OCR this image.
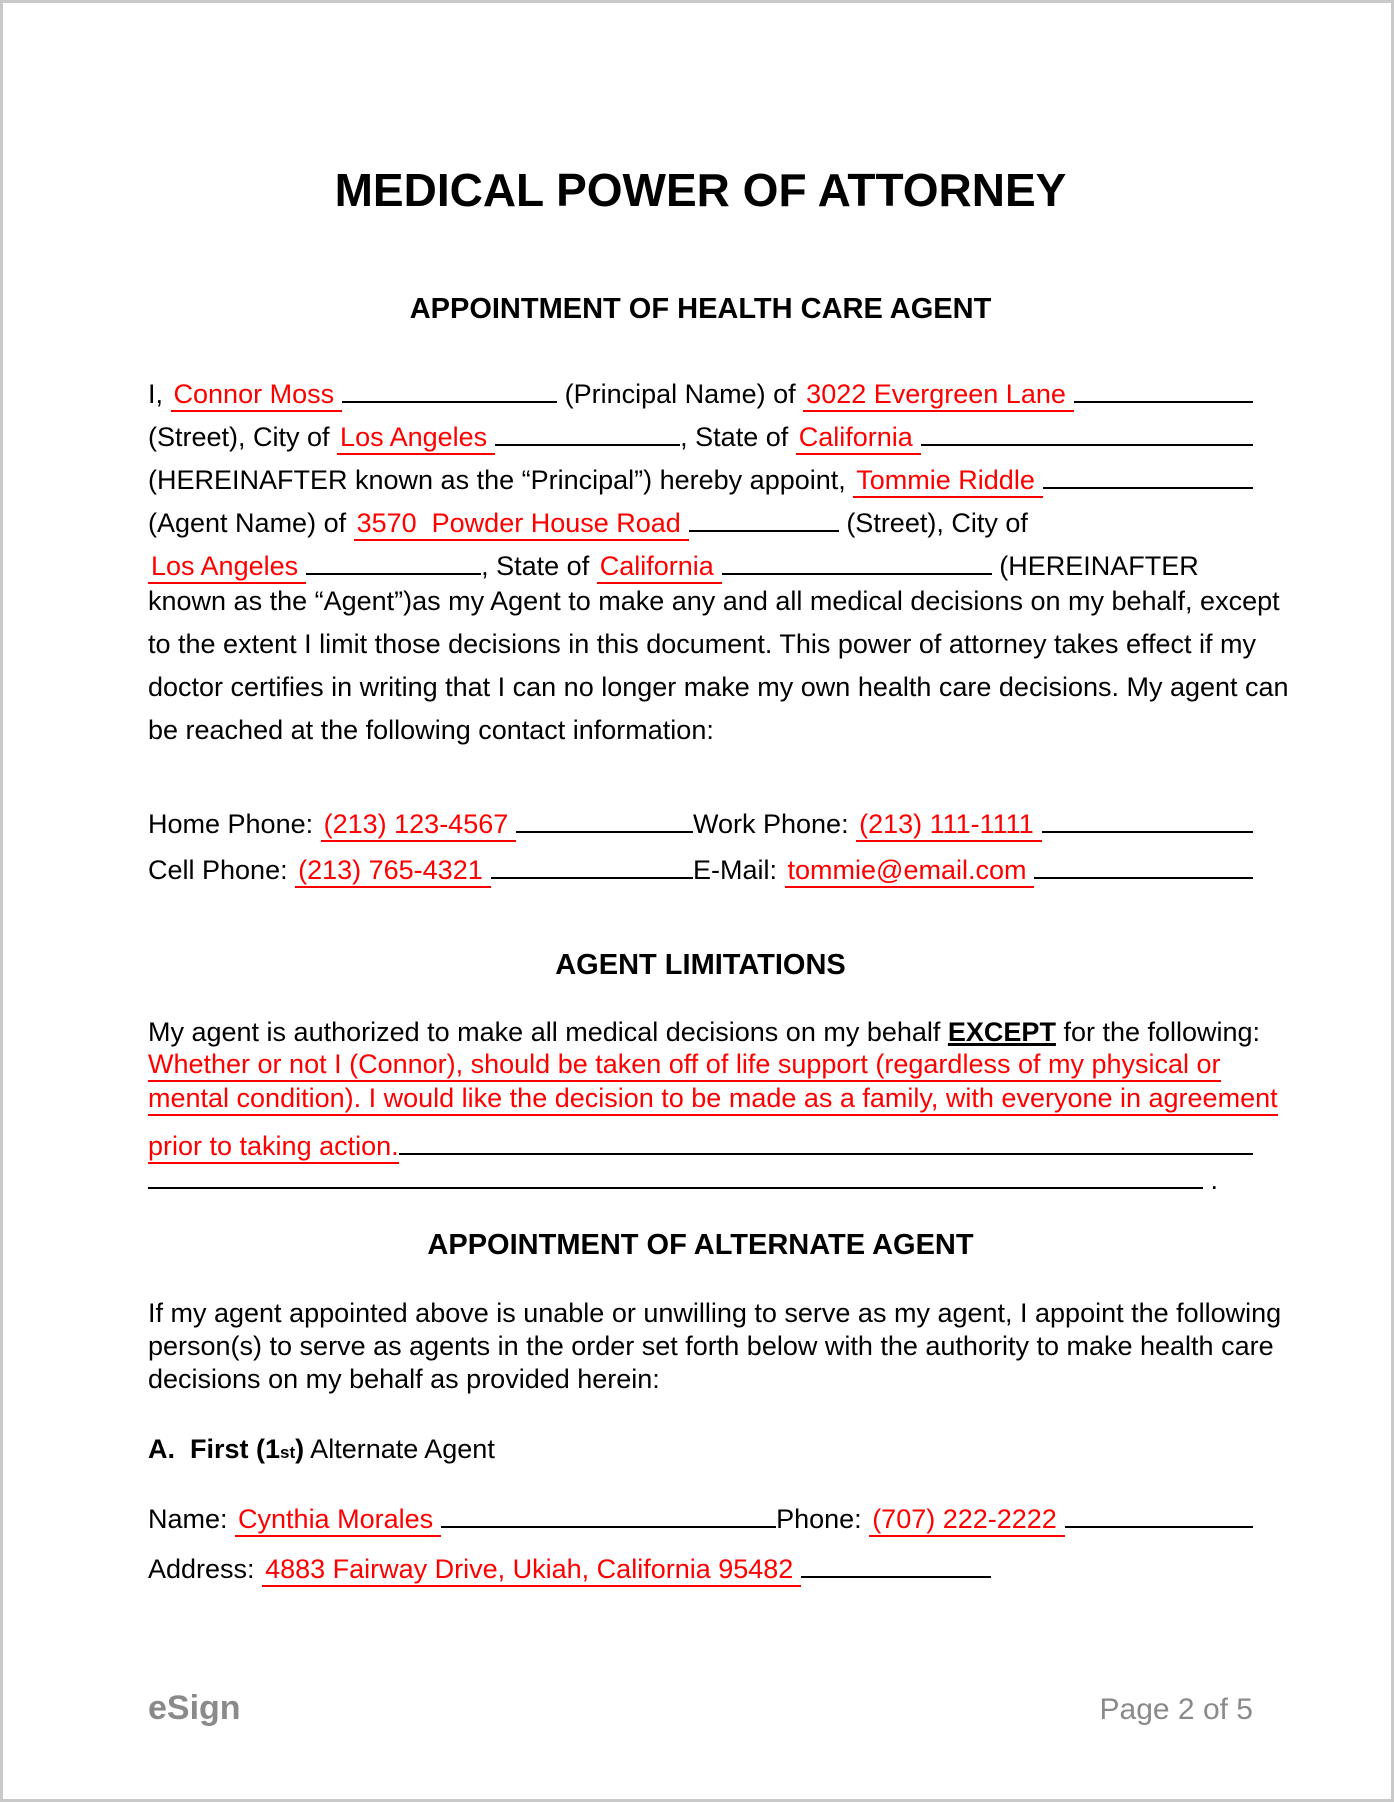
MEDICAL POWER OF ATTORNEY
APPOINTMENT OF HEALTH CARE AGENT
I, Connor Moss	(Principal Name) of 3022 Evergreen Lane
(Street), City of Los Angeles	, State of California
(HEREINAFTER known as the “Principal”) hereby appoint, Tommie Riddle
(Agent Name) of 3570  Powder House Road	(Street), City of
Los Angeles	, State of California	(HEREINAFTER
known as the “Agent”)as my Agent to make any and all medical decisions on my behalf, except
to the extent I limit those decisions in this document. This power of attorney takes effect if my
doctor certifies in writing that I can no longer make my own health care decisions. My agent can
be reached at the following contact information:
Home Phone: (213) 123-4567	Work Phone: (213) 111-1111
Cell Phone: (213) 765-4321	E-Mail: tommie@email.com
AGENT LIMITATIONS
My agent is authorized to make all medical decisions on my behalf EXCEPT for the following:
Whether or not I (Connor), should be taken off of life support (regardless of my physical or
mental condition). I would like the decision to be made as a family, with everyone in agreement
prior to taking action.
.
APPOINTMENT OF ALTERNATE AGENT
If my agent appointed above is unable or unwilling to serve as my agent, I appoint the following
person(s) to serve as agents in the order set forth below with the authority to make health care
decisions on my behalf as provided herein:
A.
First (1 st ) Alternate Agent
Name: Cynthia Morales	Phone: (707) 222-2222
Address: 4883 Fairway Drive, Ukiah, California 95482
eSign	Page 2 of 5
